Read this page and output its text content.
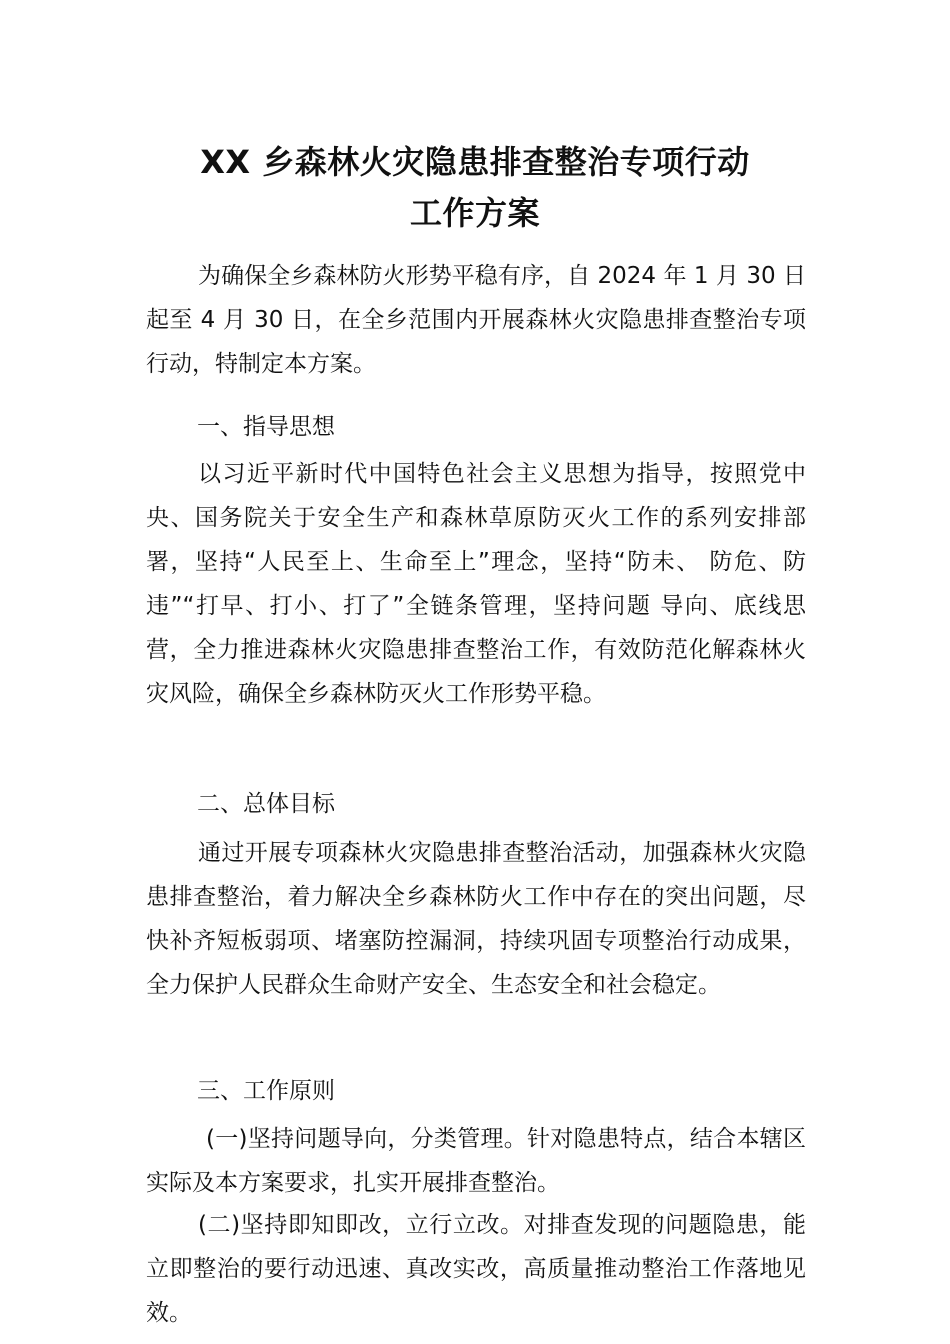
XX 乡森林火灾隐患排查整治专项行动
工作方案

为确保全乡森林防火形势平稳有序，自 2024 年 1 月 30 日起至 4 月 30 日，在全乡范围内开展森林火灾隐患排查整治专项行动，特制定本方案。

一、指导思想

以习近平新时代中国特色社会主义思想为指导，按照党中央、国务院关于安全生产和森林草原防灭火工作的系列安排部署，坚持“人民至上、生命至上”理念，坚持“防未、 防危、防违”“打早、打小、打了”全链条管理，坚持问题 导向、底线思营，全力推进森林火灾隐患排查整治工作，有效防范化解森林火灾风险，确保全乡森林防灭火工作形势平稳。

二、总体目标

通过开展专项森林火灾隐患排查整治活动，加强森林火灾隐患排查整治，着力解决全乡森林防火工作中存在的突出问题，尽快补齐短板弱项、堵塞防控漏洞，持续巩固专项整治行动成果，全力保护人民群众生命财产安全、生态安全和社会稳定。

三、工作原则

(一)坚持问题导向，分类管理。针对隐患特点，结合本辖区实际及本方案要求，扎实开展排查整治。

(二)坚持即知即改，立行立改。对排查发现的问题隐患，能立即整治的要行动迅速、真改实改，高质量推动整治工作落地见效。
